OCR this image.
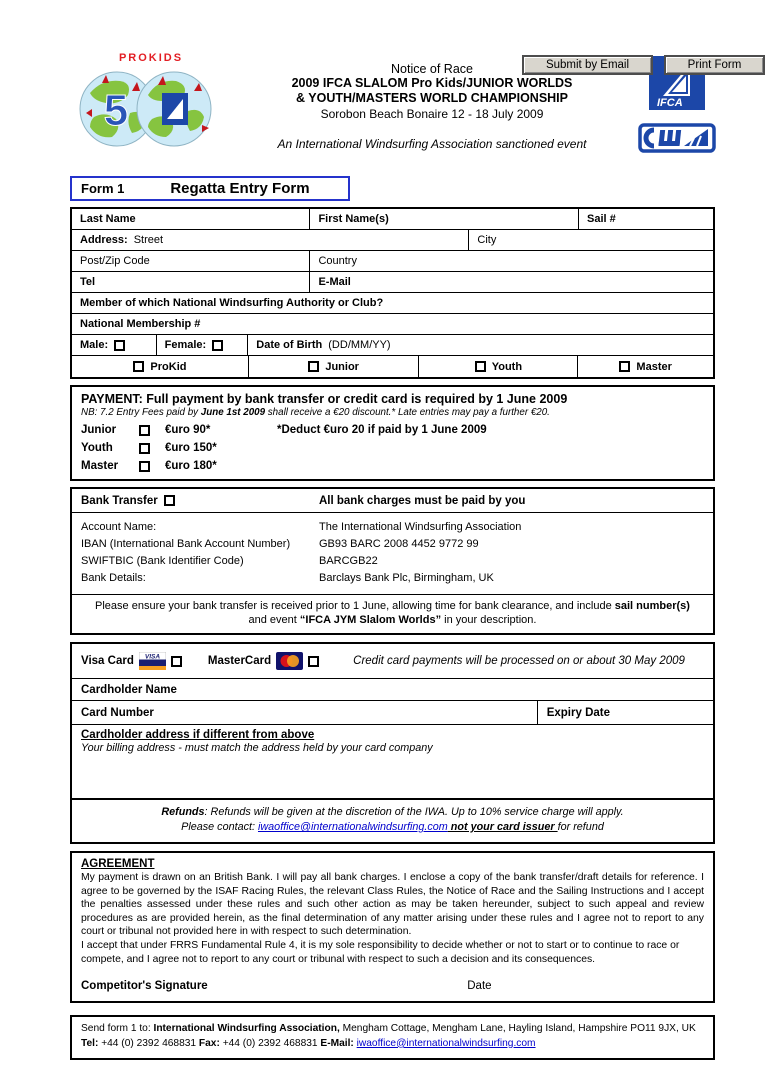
Submit by Email	Print Form
PROKIDS
5
Notice of Race
2009 IFCA SLALOM Pro Kids/JUNIOR WORLDS
& YOUTH/MASTERS WORLD CHAMPIONSHIP
Sorobon Beach Bonaire 12 - 18 July 2009
An International Windsurfing Association sanctioned event
IFCA
Form 1	Regatta Entry Form
Last Name	First Name(s)	Sail #
Address: Street	City
Post/Zip Code	Country
Tel	E-Mail
Member of which National Windsurfing Authority or Club?
National Membership #
Male:	Female:	Date of Birth (DD/MM/YY)
ProKid	Junior	Youth	Master
PAYMENT: Full payment by bank transfer or credit card is required by 1 June 2009
NB: 7.2 Entry Fees paid by June 1st 2009 shall receive a €20 discount.* Late entries may pay a further €20.
Junior	€uro 90*	*Deduct €uro 20 if paid by 1 June 2009
Youth	€uro 150*
Master	€uro 180*
Bank Transfer	All bank charges must be paid by you
Account Name:	The International Windsurfing Association
IBAN (International Bank Account Number)	GB93 BARC 2008 4452 9772 99
SWIFTBIC (Bank Identifier Code)	BARCGB22
Bank Details:	Barclays Bank Plc, Birmingham, UK
Please ensure your bank transfer is received prior to 1 June, allowing time for bank clearance, and include sail number(s) and event “IFCA JYM Slalom Worlds” in your description.
Visa Card VISA	MasterCard	Credit card payments will be processed on or about 30 May 2009
Cardholder Name
Card Number	Expiry Date
Cardholder address if different from above
Your billing address - must match the address held by your card company
Refunds: Refunds will be given at the discretion of the IWA. Up to 10% service charge will apply.
Please contact: iwaoffice@internationalwindsurfing.com not your card issuer for refund
AGREEMENT
My payment is drawn on an British Bank. I will pay all bank charges. I enclose a copy of the bank transfer/draft details for reference. I agree to be governed by the ISAF Racing Rules, the relevant Class Rules, the Notice of Race and the Sailing Instructions and I accept the penalties assessed under these rules and such other action as may be taken hereunder, subject to such appeal and review procedures as are provided herein, as the final determination of any matter arising under these rules and I agree not to report to any court or tribunal not provided here in with respect to such determination.
I accept that under FRRS Fundamental Rule 4, it is my sole responsibility to decide whether or not to start or to continue to race or compete, and I agree not to report to any court or tribunal with respect to such a decision and its consequences.
Competitor's Signature	Date
Send form 1 to: International Windsurfing Association, Mengham Cottage, Mengham Lane, Hayling Island, Hampshire PO11 9JX, UK
Tel: +44 (0) 2392 468831 Fax: +44 (0) 2392 468831 E-Mail: iwaoffice@internationalwindsurfing.com
